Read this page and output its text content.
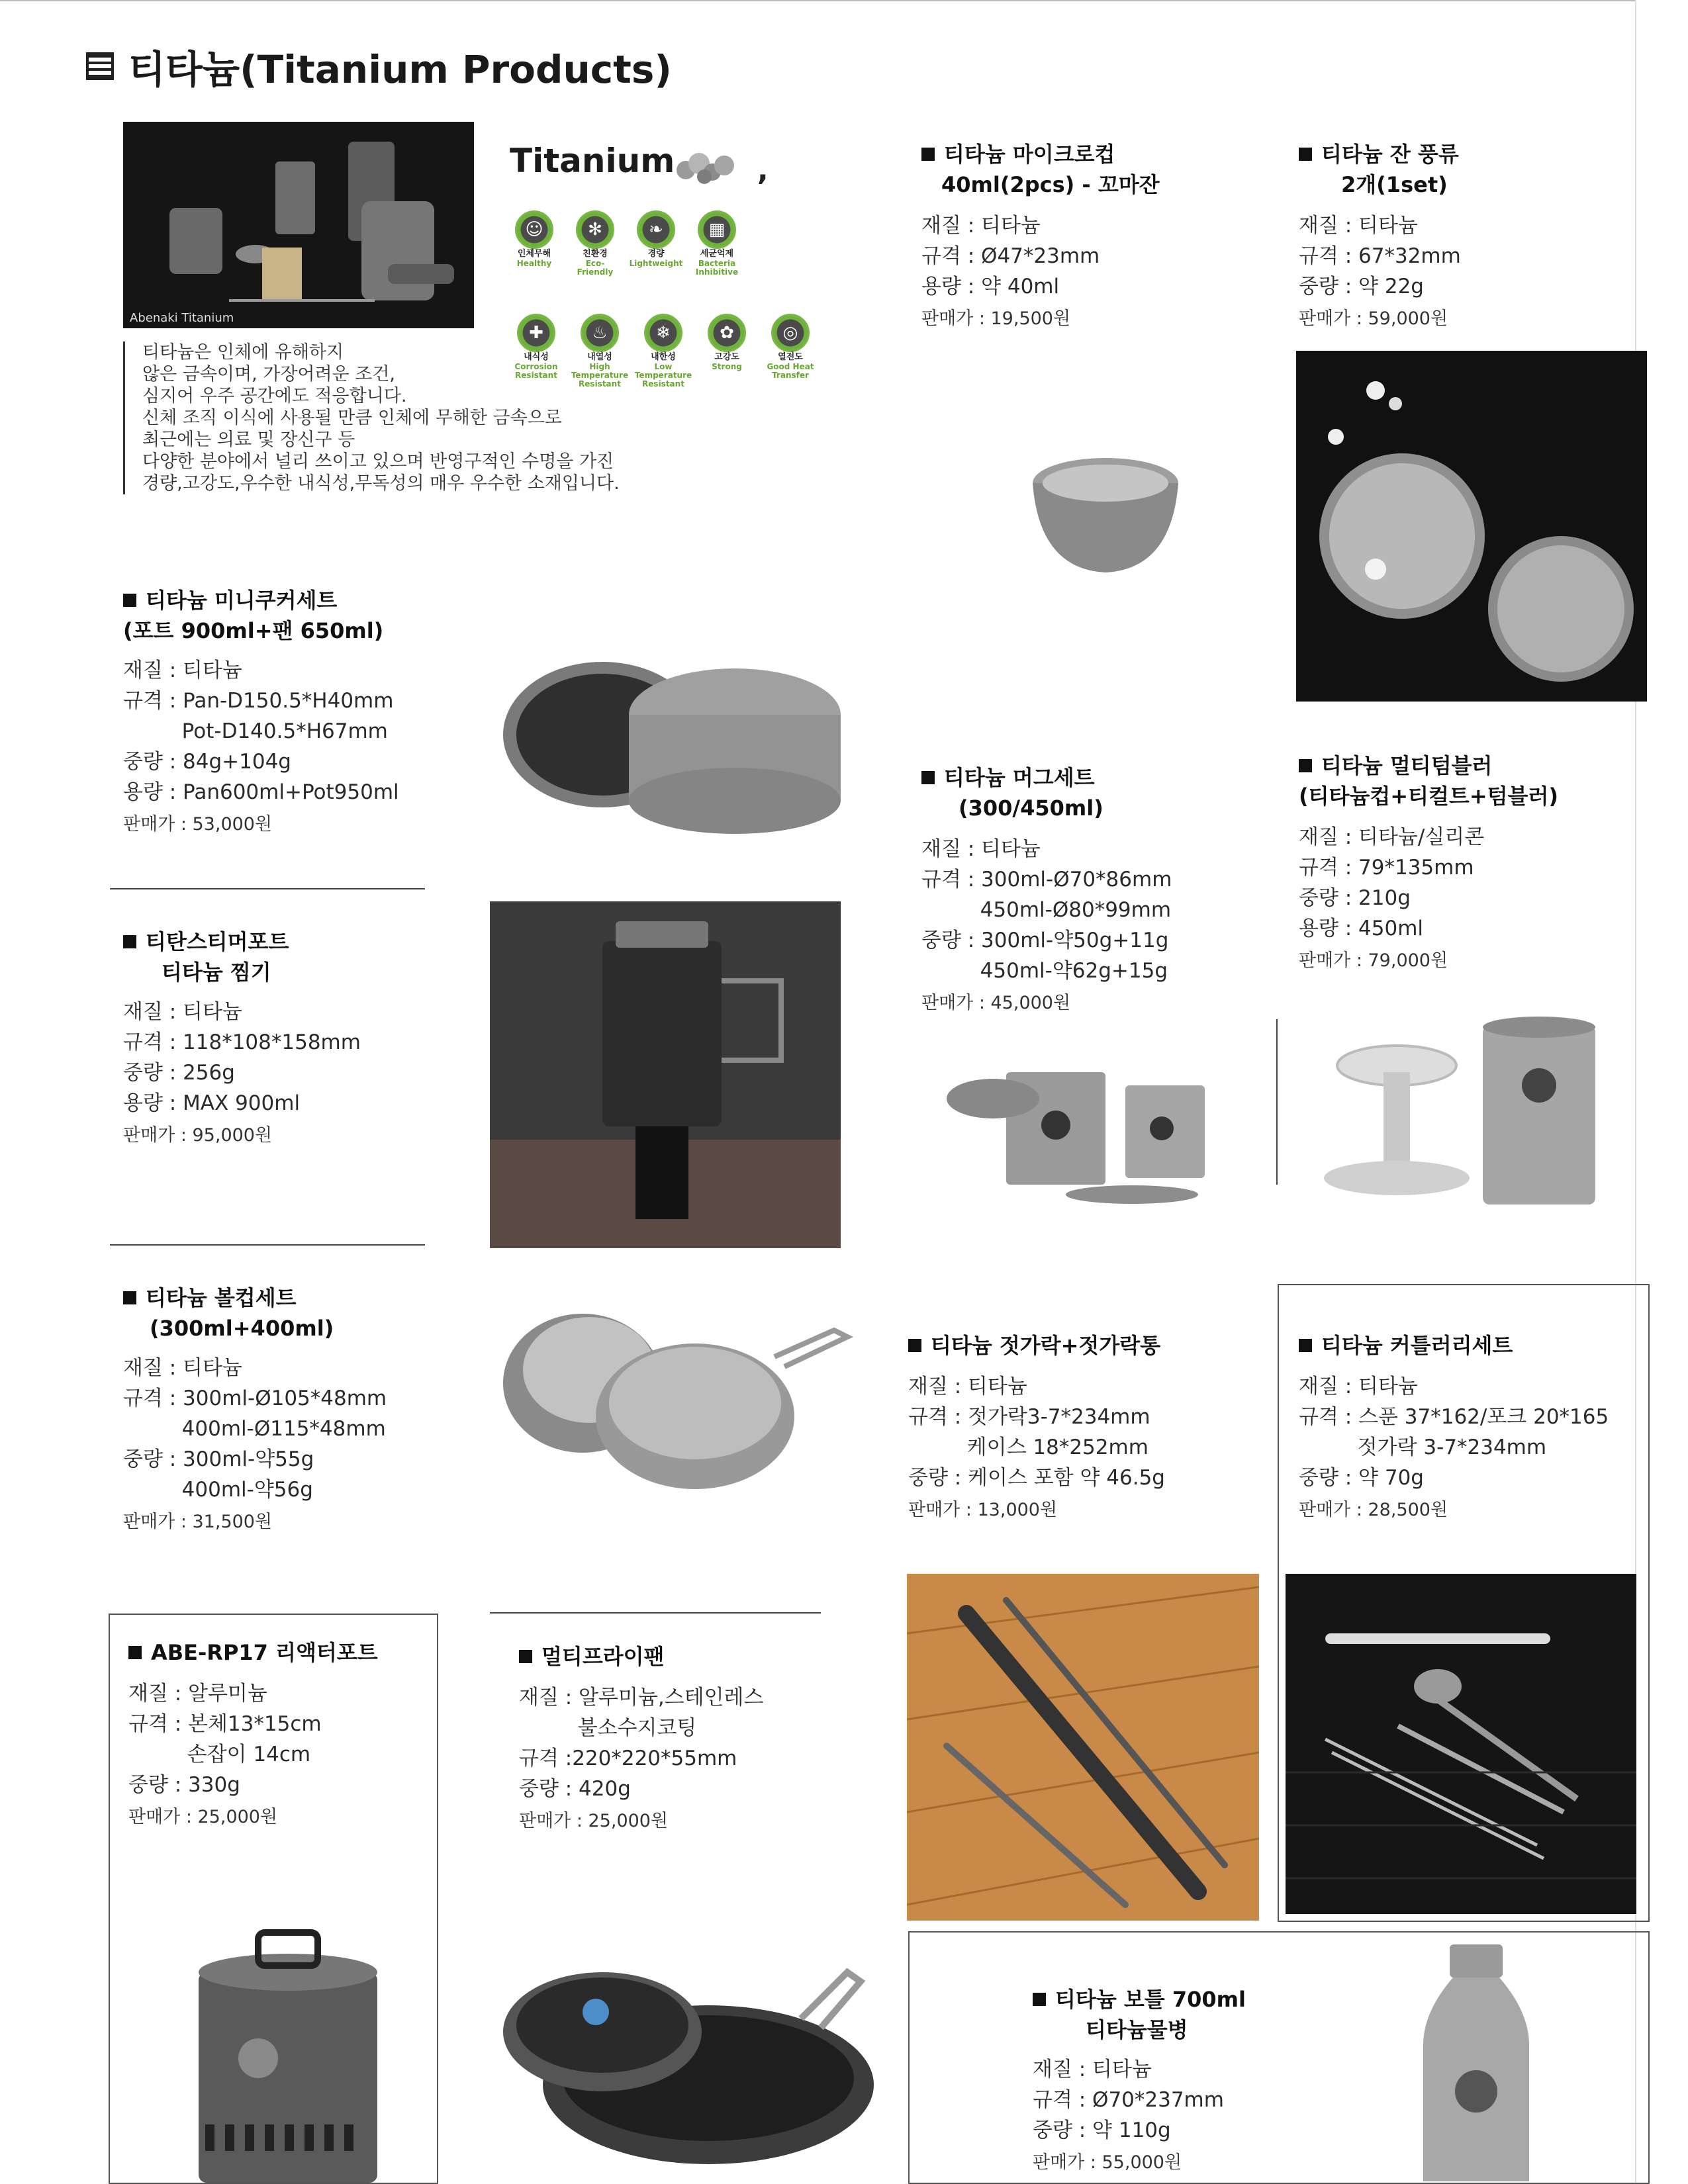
티타늄(Titanium Products)
Abenaki Titanium
Titanium	,
☺
인체무해
Healthy
✻
친환경
Eco-Friendly
❧
경량
Lightweight
▦
세균억제
Bacteria Inhibitive
✚
내식성
Corrosion Resistant
♨
내열성
High Temperature Resistant
❄
내한성
Low Temperature Resistant
✿
고강도
Strong
◎
열전도
Good Heat Transfer
티타늄은 인체에 유해하지
않은 금속이며, 가장어려운 조건,
심지어 우주 공간에도 적응합니다.
신체 조직 이식에 사용될 만큼 인체에 무해한 금속으로
최근에는 의료 및 장신구 등
다양한 분야에서 널리 쓰이고 있으며 반영구적인 수명을 가진
경량,고강도,우수한 내식성,무독성의 매우 우수한 소재입니다.
티타늄 마이크로컵
40ml(2pcs) - 꼬마잔
재질 : 티타늄
규격 : Ø47*23mm
용량 : 약 40ml
판매가 : 19,500원
티타늄 잔 풍류
2개(1set)
재질 : 티타늄
규격 : 67*32mm
중량 : 약 22g
판매가 : 59,000원
티타늄 미니쿠커세트
(포트 900ml+팬 650ml)
재질 : 티타늄
규격 : Pan-D150.5*H40mm
Pot-D140.5*H67mm
중량 : 84g+104g
용량 : Pan600ml+Pot950ml
판매가 : 53,000원
티타늄 머그세트
(300/450ml)
재질 : 티타늄
규격 : 300ml-Ø70*86mm
450ml-Ø80*99mm
중량 : 300ml-약50g+11g
450ml-약62g+15g
판매가 : 45,000원
티타늄 멀티텀블러
(티타늄컵+티컬트+텀블러)
재질 : 티타늄/실리콘
규격 : 79*135mm
중량 : 210g
용량 : 450ml
판매가 : 79,000원
티탄스티머포트
티타늄 찜기
재질 : 티타늄
규격 : 118*108*158mm
중량 : 256g
용량 : MAX 900ml
판매가 : 95,000원
티타늄 볼컵세트
(300ml+400ml)
재질 : 티타늄
규격 : 300ml-Ø105*48mm
400ml-Ø115*48mm
중량 : 300ml-약55g
400ml-약56g
판매가 : 31,500원
티타늄 젓가락+젓가락통
재질 : 티타늄
규격 : 젓가락3-7*234mm
케이스 18*252mm
중량 : 케이스 포함 약 46.5g
판매가 : 13,000원
티타늄 커틀러리세트
재질 : 티타늄
규격 : 스푼 37*162/포크 20*165
젓가락 3-7*234mm
중량 : 약 70g
판매가 : 28,500원
ABE-RP17 리액터포트
재질 : 알루미늄
규격 : 본체13*15cm
손잡이 14cm
중량 : 330g
판매가 : 25,000원
멀티프라이팬
재질 : 알루미늄,스테인레스
불소수지코팅
규격 :220*220*55mm
중량 : 420g
판매가 : 25,000원
티타늄 보틀 700ml
티타늄물병
재질 : 티타늄
규격 : Ø70*237mm
중량 : 약 110g
판매가 : 55,000원
